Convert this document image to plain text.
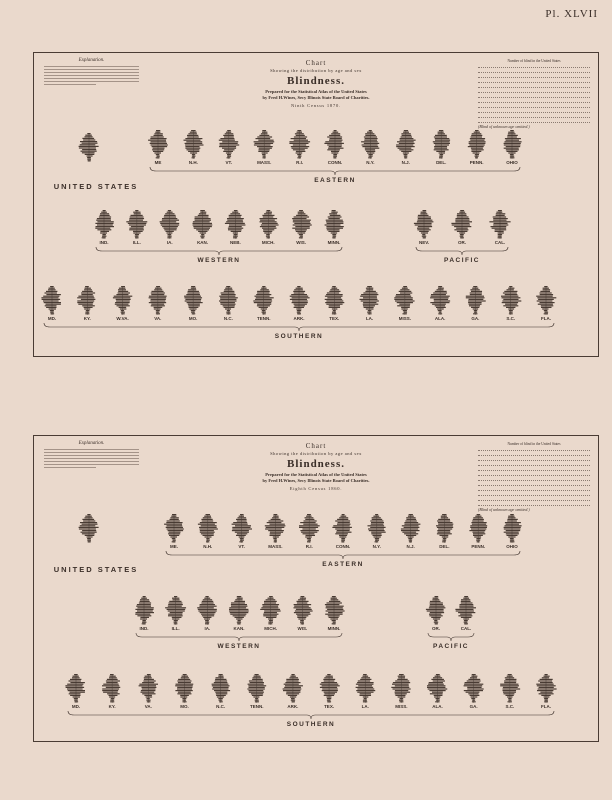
Pl. XLVII
Explanation.	Chart
Showing the distribution by age and sex
Blindness.
Prepared for the Statistical Atlas of the United States
by Fred H.Wines, Secy Illinois State Board of Charities.
Ninth Census 1870.
Number of blind in the United States
(Blind of unknown age omitted.)
UNITED STATES
ME	N.H.	VT.	MASS.	R.I.	CONN.	N.Y.	N.J.	DEL.	PENN.	OHIO
EASTERN
IND.	ILL.	IA.	KAN.	NEB.	MICH.	WIS.	MINN.
WESTERN
NEV.	OR.	CAL.
PACIFIC
MD.	KY.	W.VA.	VA.	MO.	N.C.	TENN.	ARK.	TEX.	LA.	MISS.	ALA.	GA.	S.C.	FLA.
SOUTHERN
Explanation.	Chart
Showing the distribution by age and sex
Blindness.
Prepared for the Statistical Atlas of the United States
by Fred H.Wines, Secy Illinois State Board of Charities.
Eighth Census 1860.
Number of blind in the United States
(Blind of unknown age omitted.)
UNITED STATES
ME.	N.H.	VT.	MASS.	R.I.	CONN.	N.Y.	N.J.	DEL.	PENN.	OHIO
EASTERN
IND.	ILL.	IA.	KAN.	MICH.	WIS.	MINN.
WESTERN
OR.	CAL.
PACIFIC
MD.	KY.	VA.	MO.	N.C.	TENN.	ARK.	TEX.	LA.	MISS.	ALA.	GA.	S.C.	FLA.
SOUTHERN
